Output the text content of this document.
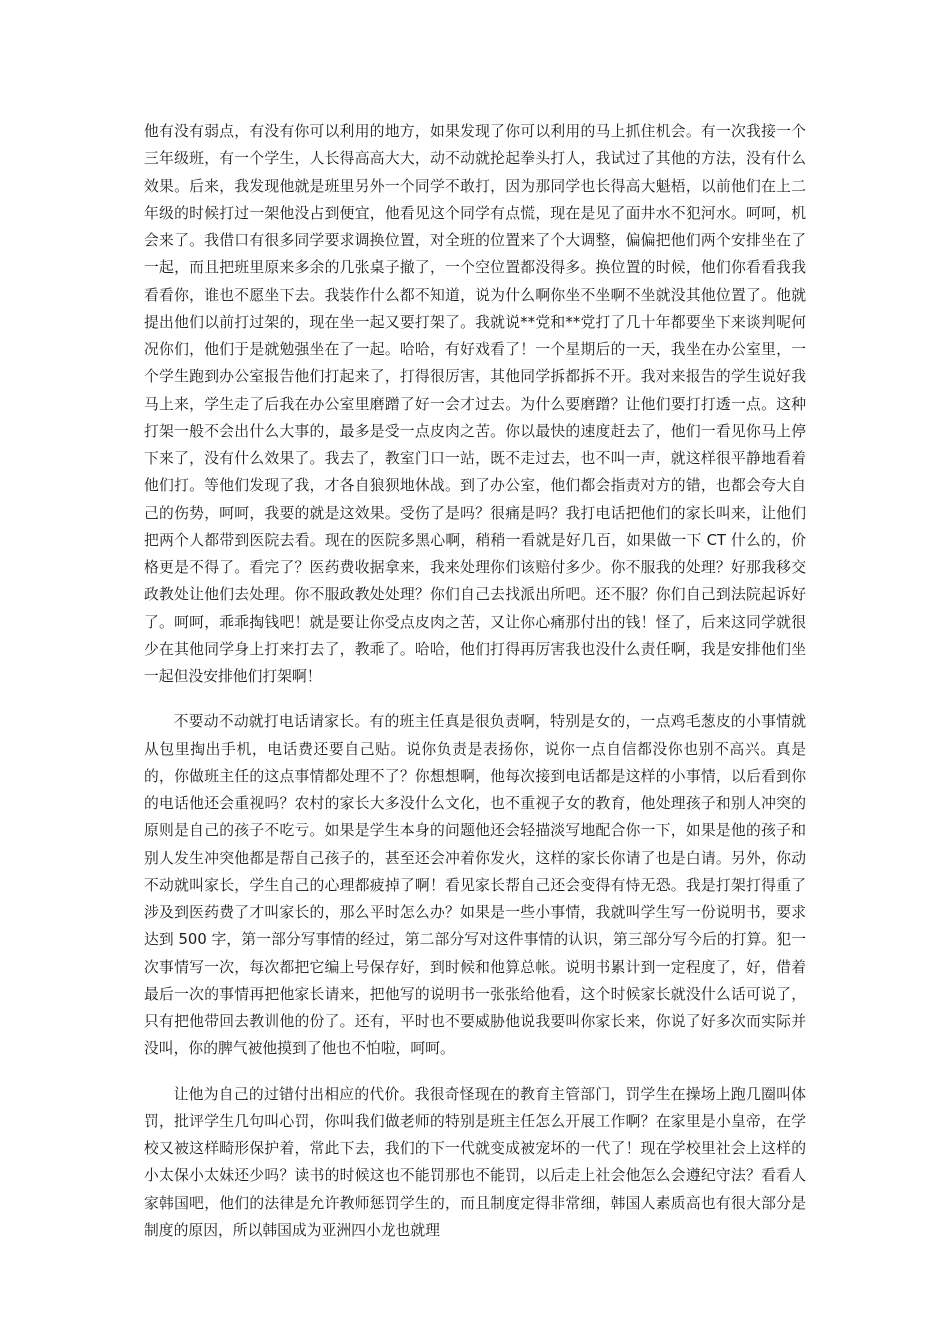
他有没有弱点，有没有你可以利用的地方，如果发现了你可以利用的马上抓住机会。有一次我接一个三年级班，有一个学生，人长得高高大大，动不动就抡起拳头打人，我试过了其他的方法，没有什么效果。后来，我发现他就是班里另外一个同学不敢打，因为那同学也长得高大魁梧，以前他们在上二年级的时候打过一架他没占到便宜，他看见这个同学有点慌，现在是见了面井水不犯河水。呵呵，机会来了。我借口有很多同学要求调换位置，对全班的位置来了个大调整，偏偏把他们两个安排坐在了一起，而且把班里原来多余的几张桌子撤了，一个空位置都没得多。换位置的时候，他们你看看我我看看你，谁也不愿坐下去。我装作什么都不知道，说为什么啊你坐不坐啊不坐就没其他位置了。他就提出他们以前打过架的，现在坐一起又要打架了。我就说**党和**党打了几十年都要坐下来谈判呢何况你们，他们于是就勉强坐在了一起。哈哈，有好戏看了！一个星期后的一天，我坐在办公室里，一个学生跑到办公室报告他们打起来了，打得很厉害，其他同学拆都拆不开。我对来报告的学生说好我马上来，学生走了后我在办公室里磨蹭了好一会才过去。为什么要磨蹭？让他们要打打透一点。这种打架一般不会出什么大事的，最多是受一点皮肉之苦。你以最快的速度赶去了，他们一看见你马上停下来了，没有什么效果了。我去了，教室门口一站，既不走过去，也不叫一声，就这样很平静地看着他们打。等他们发现了我，才各自狼狈地休战。到了办公室，他们都会指责对方的错，也都会夸大自己的伤势，呵呵，我要的就是这效果。受伤了是吗？很痛是吗？我打电话把他们的家长叫来，让他们把两个人都带到医院去看。现在的医院多黑心啊，稍稍一看就是好几百，如果做一下 CT 什么的，价格更是不得了。看完了？医药费收据拿来，我来处理你们该赔付多少。你不服我的处理？好那我移交政教处让他们去处理。你不服政教处处理？你们自己去找派出所吧。还不服？你们自己到法院起诉好了。呵呵，乖乖掏钱吧！就是要让你受点皮肉之苦，又让你心痛那付出的钱！怪了，后来这同学就很少在其他同学身上打来打去了，教乖了。哈哈，他们打得再厉害我也没什么责任啊，我是安排他们坐一起但没安排他们打架啊！

不要动不动就打电话请家长。有的班主任真是很负责啊，特别是女的，一点鸡毛葱皮的小事情就从包里掏出手机，电话费还要自己贴。说你负责是表扬你，说你一点自信都没你也别不高兴。真是的，你做班主任的这点事情都处理不了？你想想啊，他每次接到电话都是这样的小事情，以后看到你的电话他还会重视吗？农村的家长大多没什么文化，也不重视子女的教育，他处理孩子和别人冲突的原则是自己的孩子不吃亏。如果是学生本身的问题他还会轻描淡写地配合你一下，如果是他的孩子和别人发生冲突他都是帮自己孩子的，甚至还会冲着你发火，这样的家长你请了也是白请。另外，你动不动就叫家长，学生自己的心理都疲掉了啊！看见家长帮自己还会变得有恃无恐。我是打架打得重了涉及到医药费了才叫家长的，那么平时怎么办？如果是一些小事情，我就叫学生写一份说明书，要求达到 500 字，第一部分写事情的经过，第二部分写对这件事情的认识，第三部分写今后的打算。犯一次事情写一次，每次都把它编上号保存好，到时候和他算总帐。说明书累计到一定程度了，好，借着最后一次的事情再把他家长请来，把他写的说明书一张张给他看，这个时候家长就没什么话可说了，只有把他带回去教训他的份了。还有，平时也不要威胁他说我要叫你家长来，你说了好多次而实际并没叫，你的脾气被他摸到了他也不怕啦，呵呵。

让他为自己的过错付出相应的代价。我很奇怪现在的教育主管部门，罚学生在操场上跑几圈叫体罚，批评学生几句叫心罚，你叫我们做老师的特别是班主任怎么开展工作啊？在家里是小皇帝，在学校又被这样畸形保护着，常此下去，我们的下一代就变成被宠坏的一代了！现在学校里社会上这样的小太保小太妹还少吗？读书的时候这也不能罚那也不能罚，以后走上社会他怎么会遵纪守法？看看人家韩国吧，他们的法律是允许教师惩罚学生的，而且制度定得非常细，韩国人素质高也有很大部分是制度的原因，所以韩国成为亚洲四小龙也就理
